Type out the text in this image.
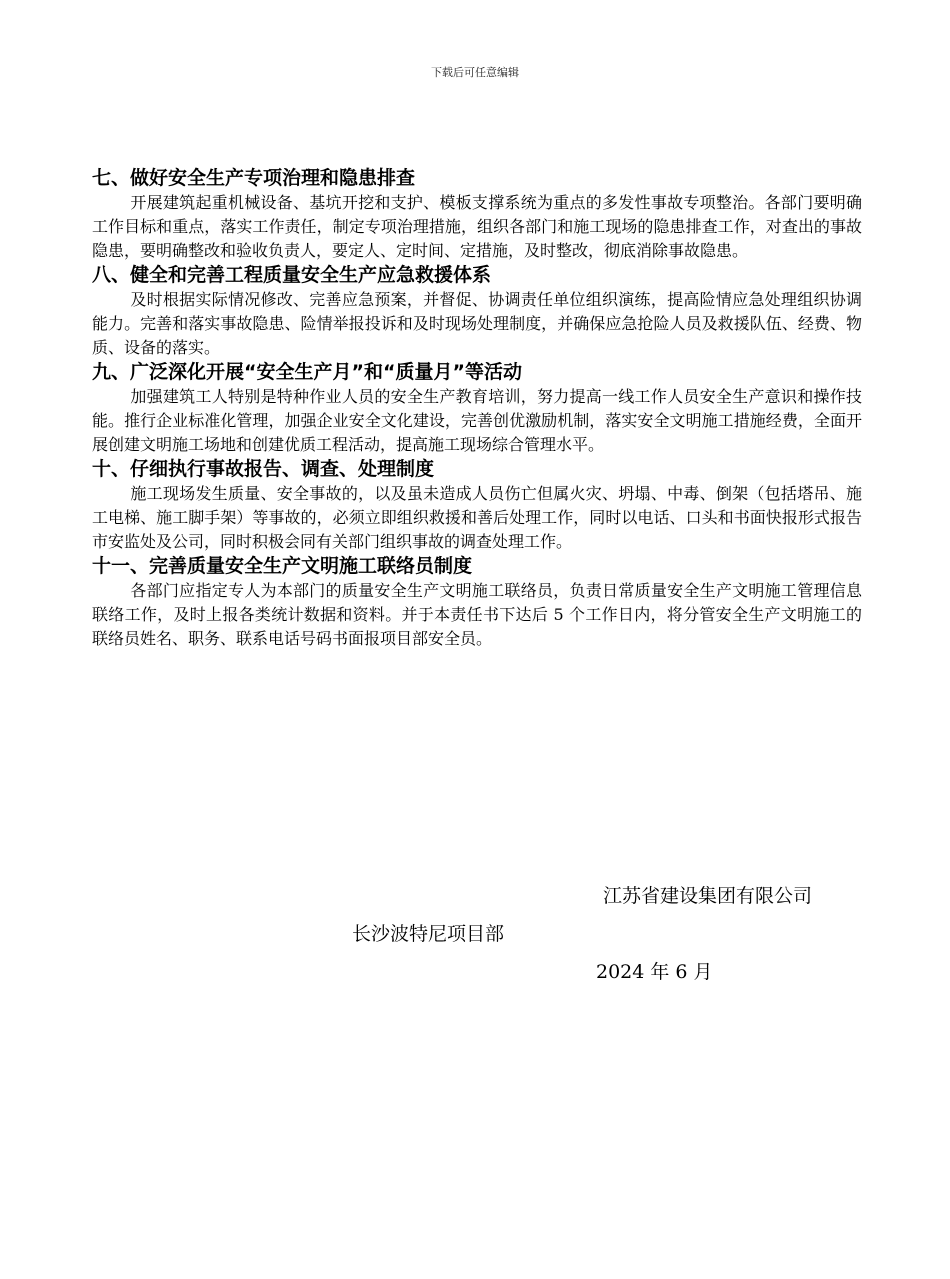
下载后可任意编辑
七、做好安全生产专项治理和隐患排查

开展建筑起重机械设备、基坑开挖和支护、模板支撑系统为重点的多发性事故专项整治。各部门要明确工作目标和重点，落实工作责任，制定专项治理措施，组织各部门和施工现场的隐患排查工作，对查出的事故隐患，要明确整改和验收负责人，要定人、定时间、定措施，及时整改，彻底消除事故隐患。

八、健全和完善工程质量安全生产应急救援体系

及时根据实际情况修改、完善应急预案，并督促、协调责任单位组织演练，提高险情应急处理组织协调能力。完善和落实事故隐患、险情举报投诉和及时现场处理制度，并确保应急抢险人员及救援队伍、经费、物质、设备的落实。

九、广泛深化开展“安全生产月”和“质量月”等活动

加强建筑工人特别是特种作业人员的安全生产教育培训，努力提高一线工作人员安全生产意识和操作技能。推行企业标准化管理，加强企业安全文化建设，完善创优激励机制，落实安全文明施工措施经费，全面开展创建文明施工场地和创建优质工程活动，提高施工现场综合管理水平。

十、仔细执行事故报告、调查、处理制度

施工现场发生质量、安全事故的，以及虽未造成人员伤亡但属火灾、坍塌、中毒、倒架（包括塔吊、施工电梯、施工脚手架）等事故的，必须立即组织救援和善后处理工作，同时以电话、口头和书面快报形式报告市安监处及公司，同时积极会同有关部门组织事故的调查处理工作。

十一、完善质量安全生产文明施工联络员制度

各部门应指定专人为本部门的质量安全生产文明施工联络员，负责日常质量安全生产文明施工管理信息联络工作，及时上报各类统计数据和资料。并于本责任书下达后 5 个工作日内，将分管安全生产文明施工的联络员姓名、职务、联系电话号码书面报项目部安全员。

江苏省建设集团有限公司
长沙波特尼项目部
2024 年 6 月
